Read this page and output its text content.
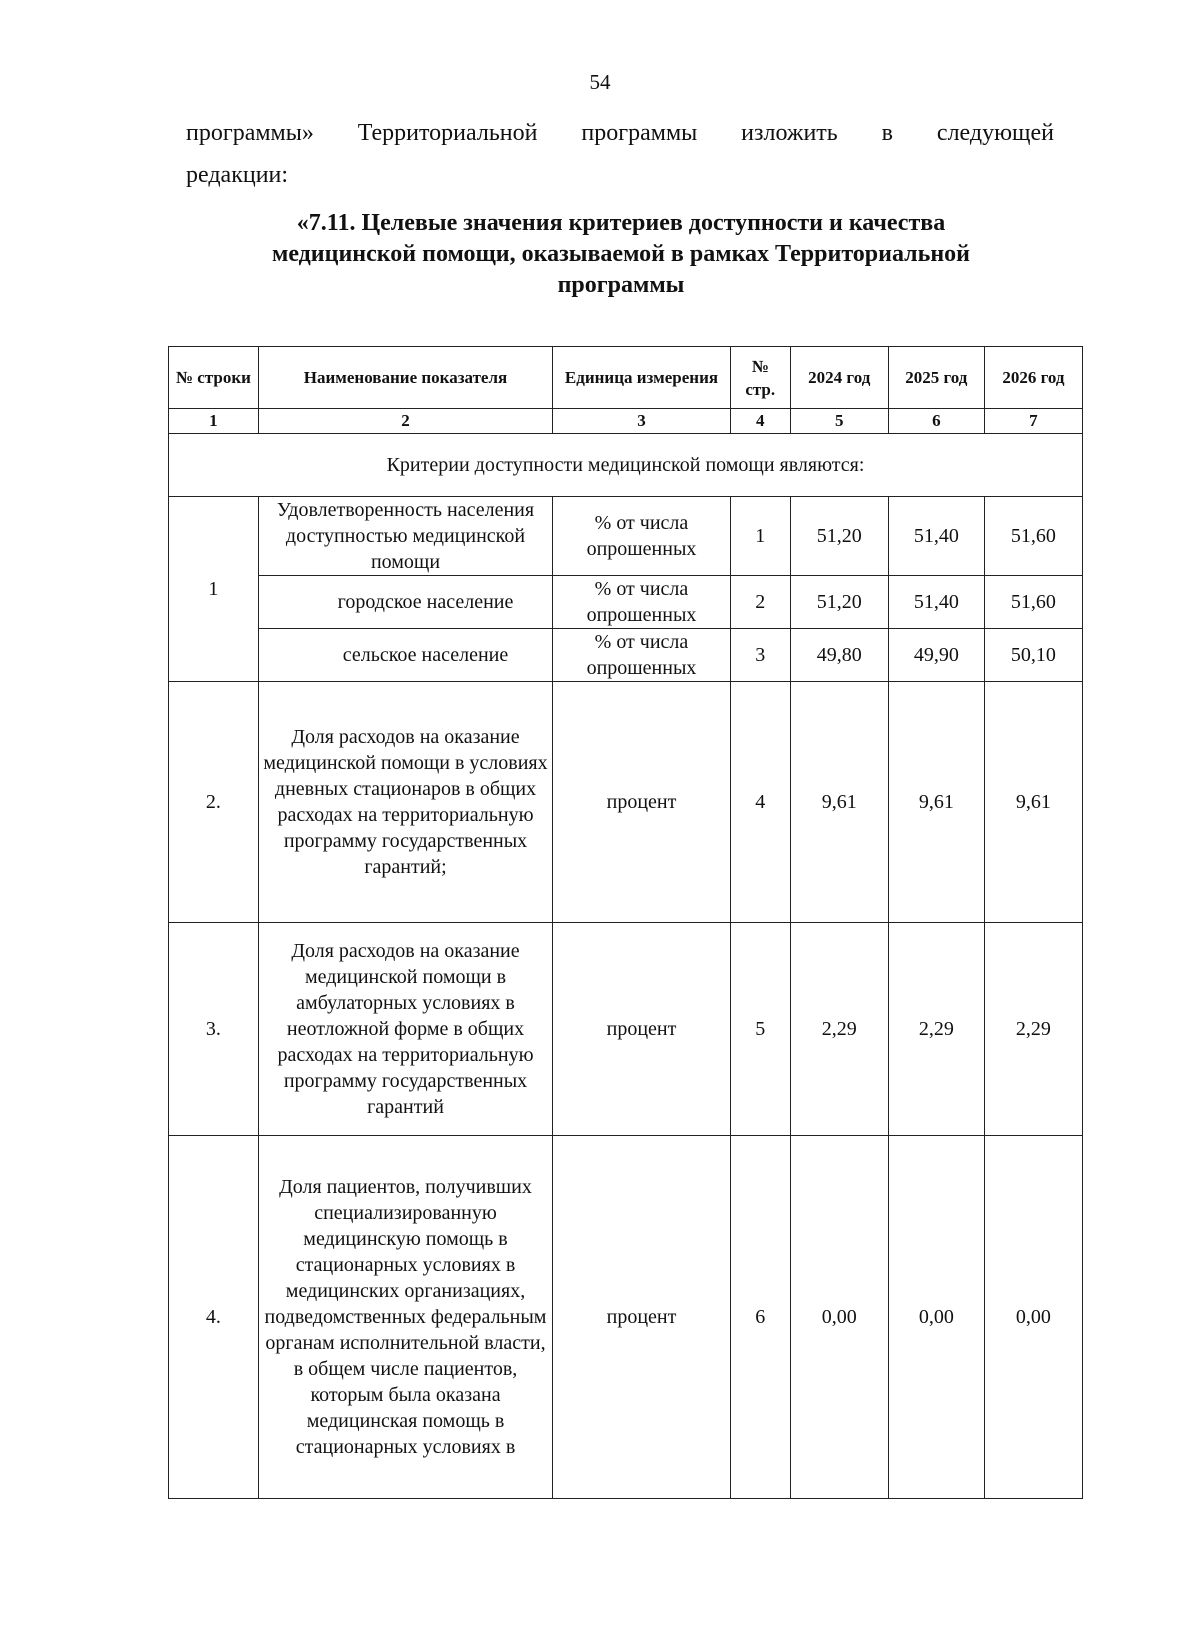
54
программы» Территориальной программы изложить в следующей
редакции:
«7.11. Целевые значения критериев доступности и качества
медицинской помощи, оказываемой в рамках Территориальной
программы
№ строки	Наименование показателя	Единица измерения	№ стр.	2024 год	2025 год	2026 год
1	2	3	4	5	6	7
Критерии доступности медицинской помощи являются:						
1	Удовлетворенность населения доступностью медицинской помощи	% от числа опрошенных	1	51,20	51,40	51,60
	городское население	% от числа опрошенных	2	51,20	51,40	51,60
	сельское население	% от числа опрошенных	3	49,80	49,90	50,10
2.	Доля расходов на оказание медицинской помощи в условиях дневных стационаров в общих расходах на территориальную программу государственных гарантий;	процент	4	9,61	9,61	9,61
3.	Доля расходов на оказание медицинской помощи в амбулаторных условиях в неотложной форме в общих расходах на территориальную программу государственных гарантий	процент	5	2,29	2,29	2,29
4.	Доля пациентов, получивших специализированную медицинскую помощь в стационарных условиях в медицинских организациях, подведомственных федеральным органам исполнительной власти, в общем числе пациентов, которым была оказана медицинская помощь в стационарных условиях в	процент	6	0,00	0,00	0,00
